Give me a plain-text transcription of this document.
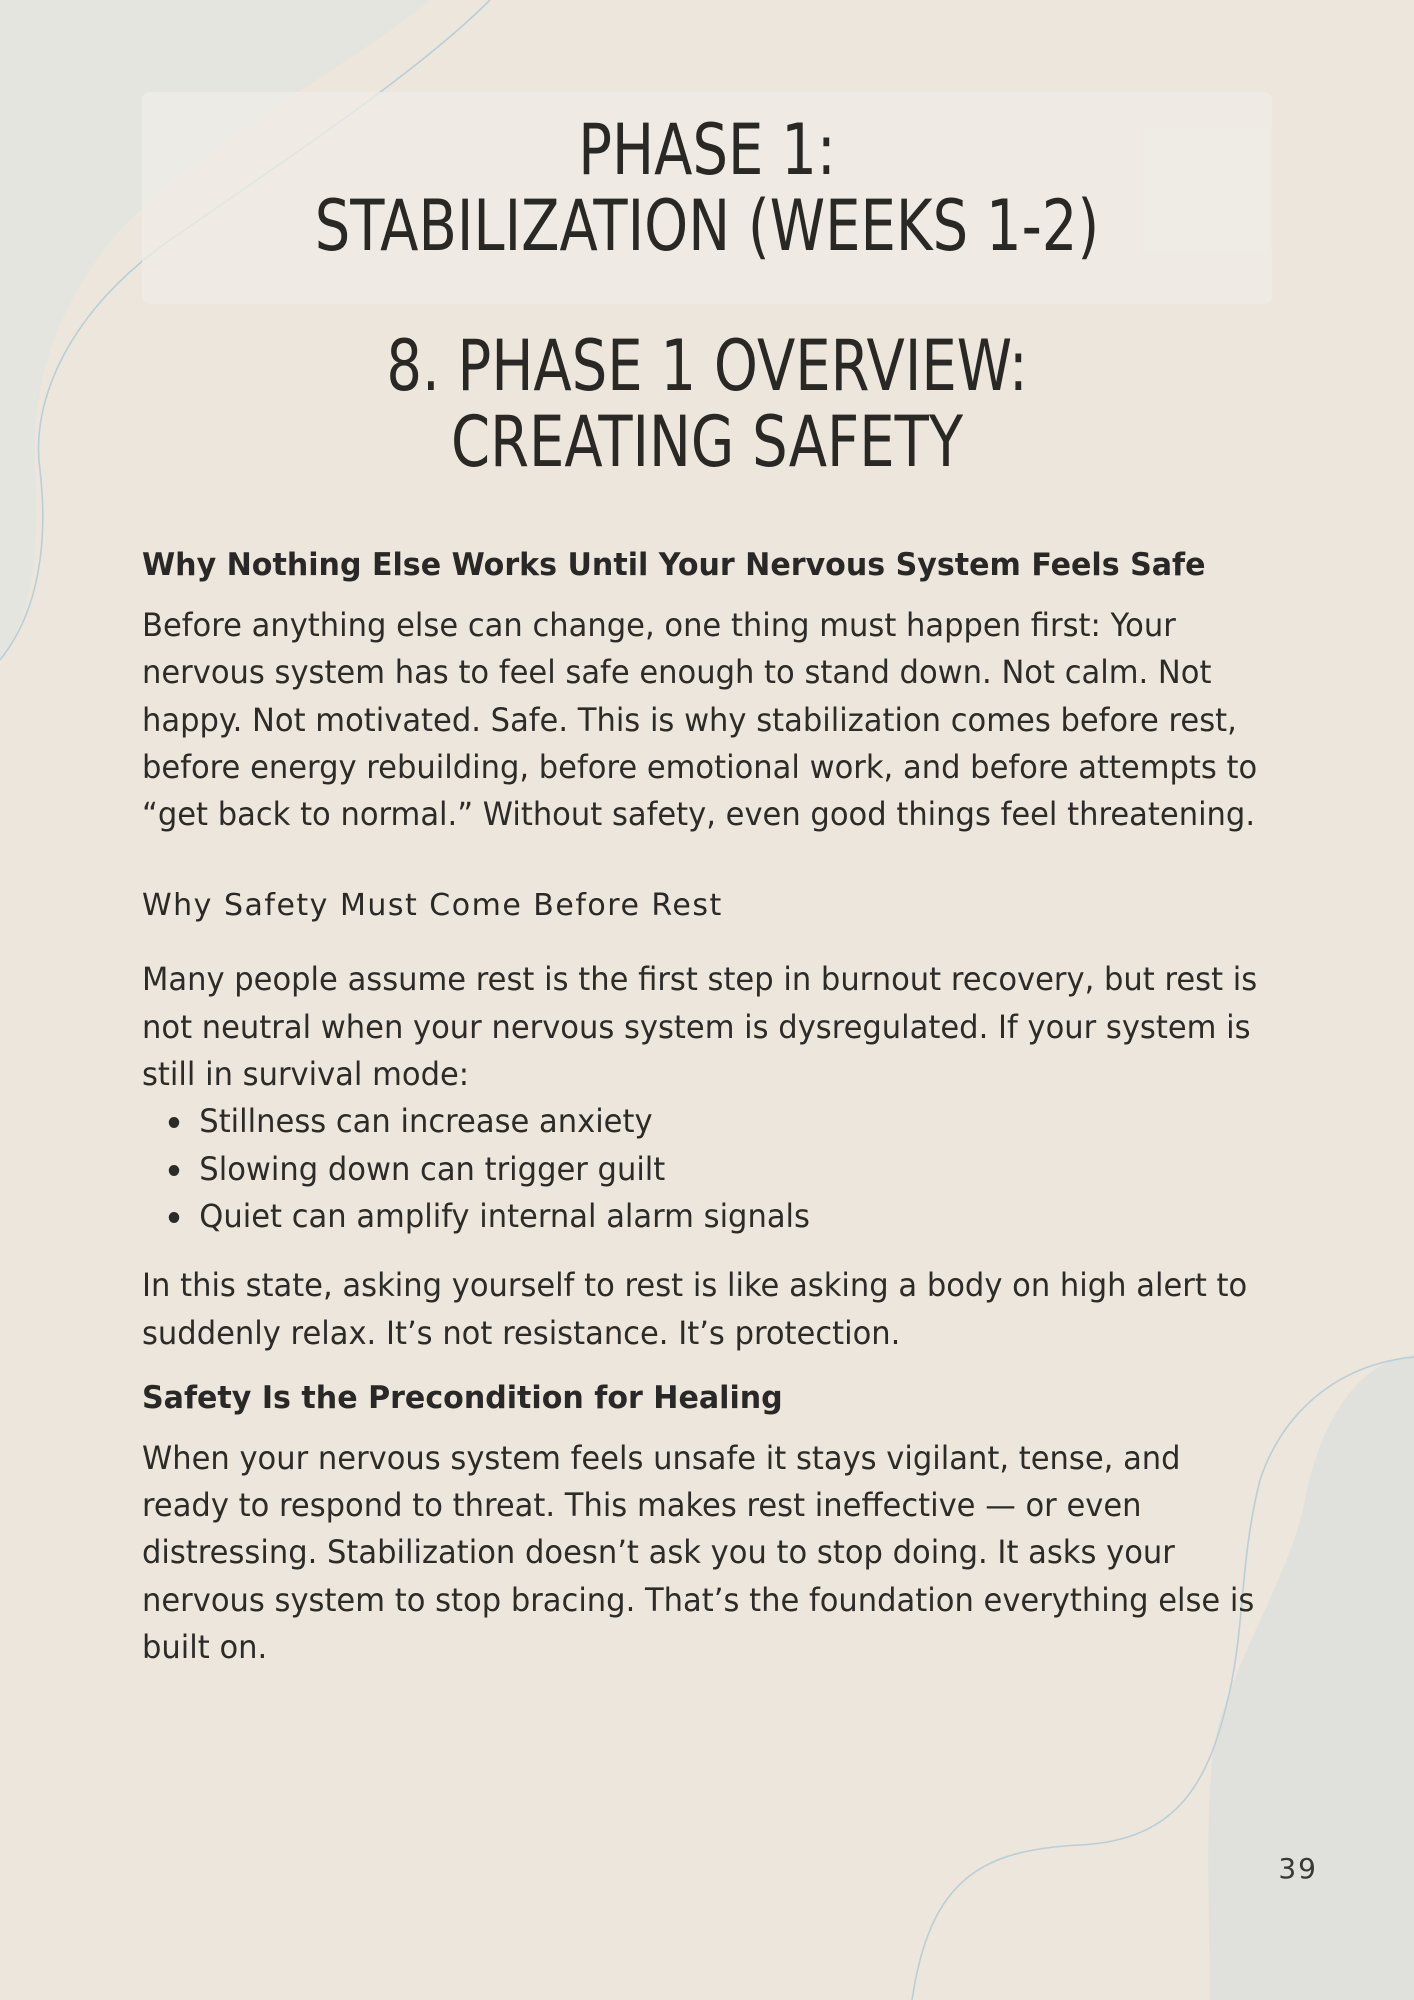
PHASE 1:
STABILIZATION (WEEKS 1-2)
8. PHASE 1 OVERVIEW:
CREATING SAFETY
Why Nothing Else Works Until Your Nervous System Feels Safe

Before anything else can change, one thing must happen first: Your nervous system has to feel safe enough to stand down. Not calm. Not happy. Not motivated. Safe. This is why stabilization comes before rest, before energy rebuilding, before emotional work, and before attempts to “get back to normal.” Without safety, even good things feel threatening.

Why Safety Must Come Before Rest

Many people assume rest is the first step in burnout recovery, but rest is not neutral when your nervous system is dysregulated. If your system is still in survival mode:

Stillness can increase anxiety
Slowing down can trigger guilt
Quiet can amplify internal alarm signals

In this state, asking yourself to rest is like asking a body on high alert to suddenly relax. It’s not resistance. It’s protection.

Safety Is the Precondition for Healing

When your nervous system feels unsafe it stays vigilant, tense, and ready to respond to threat. This makes rest ineffective — or even distressing. Stabilization doesn’t ask you to stop doing. It asks your nervous system to stop bracing. That’s the foundation everything else is built on.

39
